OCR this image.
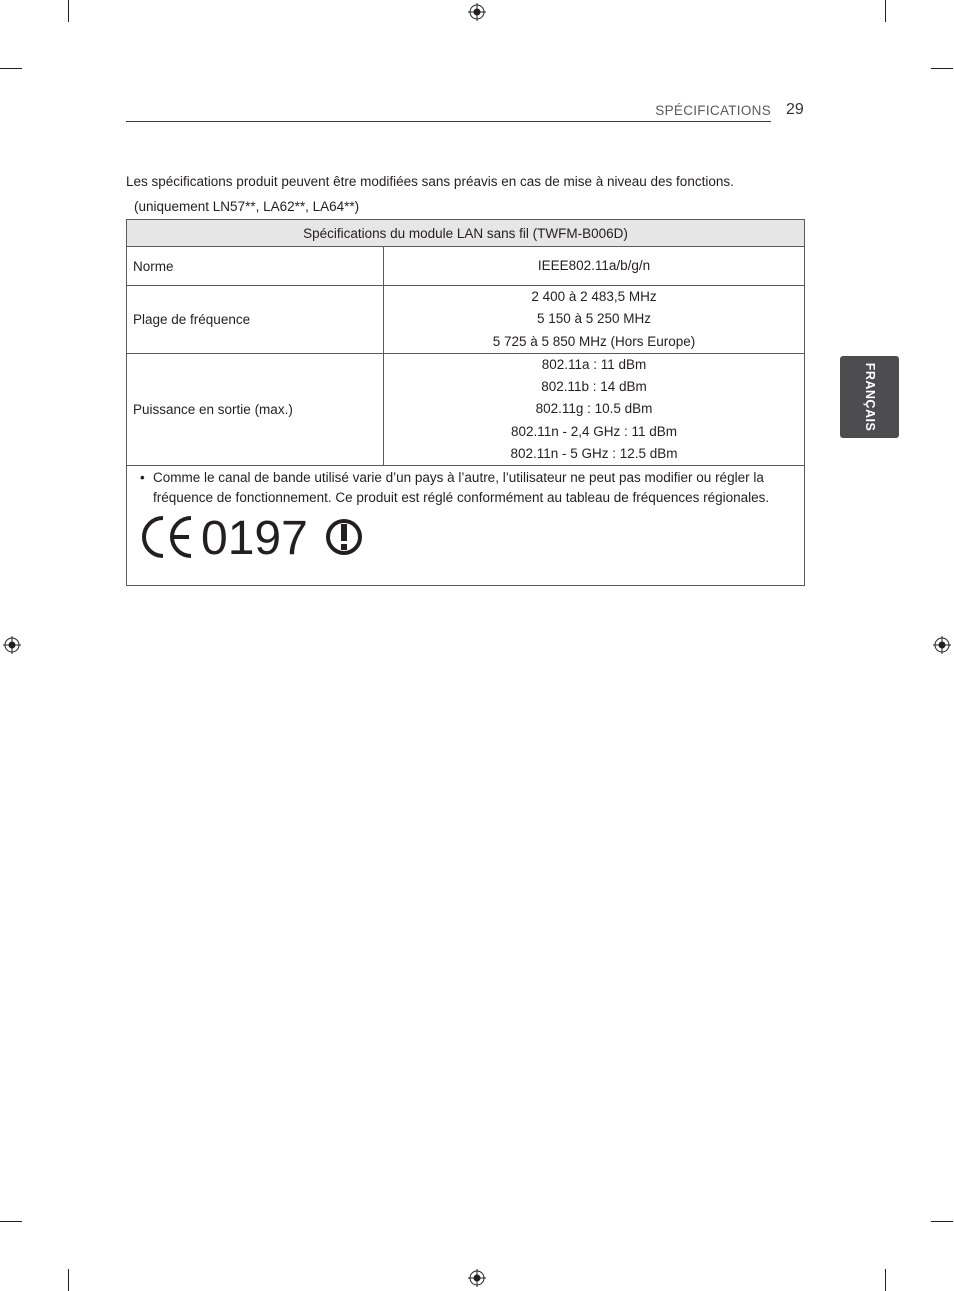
SPÉCIFICATIONS 29
FRANÇAIS
Les spécifications produit peuvent être modifiées sans préavis en cas de mise à niveau des fonctions.
(uniquement LN57**, LA62**, LA64**)
Spécifications du module LAN sans fil (TWFM-B006D)	
Norme	IEEE802.11a/b/g/n

Plage de fréquence	2 400 à 2 483,5 MHz
5 150 à 5 250 MHz
5 725 à 5 850 MHz (Hors Europe)

Puissance en sortie (max.)	802.11a : 11 dBm
802.11b : 14 dBm
802.11g : 10.5 dBm
802.11n - 2,4 GHz : 11 dBm
802.11n - 5 GHz : 12.5 dBm

• Comme le canal de bande utilisé varie d’un pays à l’autre, l’utilisateur ne peut pas modifier ou régler la fréquence de fonctionnement. Ce produit est réglé conformément au tableau de fréquences régionales.
0197	
